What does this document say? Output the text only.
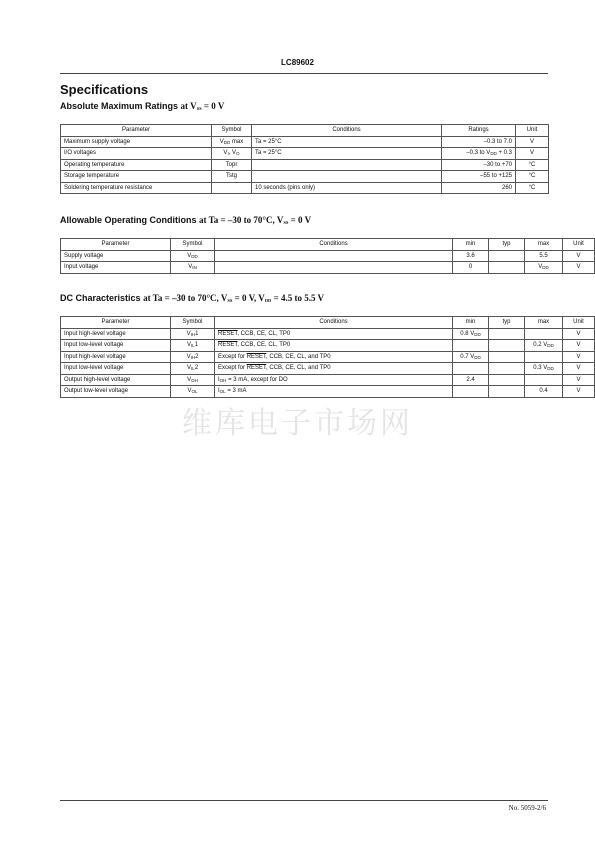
LC89602
Specifications
Absolute Maximum Ratings at $V_{SS} = 0$ V
Parameter	Symbol	Conditions	Ratings	Unit
Maximum supply voltage	$V_{DD}$ max	Ta = 25°C	–0.3 to 7.0	V
I/O voltages	$V_I$, $V_O$	Ta = 25°C	–0.3 to $V_{DD} + 0.3$	V
Operating temperature	Topr		–30 to +70	°C
Storage temperature	Tstg		–55 to +125	°C
Soldering temperature resistance		10 seconds (pins only)	260	°C
Allowable Operating Conditions at Ta = –30 to 70°C, $V_{SS} = 0$ V
Parameter	Symbol	Conditions	min	typ	max	Unit
Supply voltage	$V_{DD}$		3.6		5.5	V
Input voltage	$V_{IN}$		0		$V_{DD}$	V
DC Characteristics at Ta = –30 to 70°C, $V_{SS} = 0$ V, $V_{DD} = 4.5$ to 5.5 V
Parameter	Symbol	Conditions	min	typ	max	Unit
Input high-level voltage	$V_{IH}1$	RESET, CCB, CE, CL, TP0	0.8 $V_{DD}$			V
Input low-level voltage	$V_{IL}1$	RESET, CCB, CE, CL, TP0			0.2 $V_{DD}$	V
Input high-level voltage	$V_{IH}2$	Except for RESET, CCB, CE, CL, and TP0	0.7 $V_{DD}$			V
Input low-level voltage	$V_{IL}2$	Except for RESET, CCB, CE, CL, and TP0			0.3 $V_{DD}$	V
Output high-level voltage	$V_{OH}$	$I_{OH} = 3$ mA, except for DO	2.4			V
Output low-level voltage	$V_{OL}$	$I_{OL} = 3$ mA			0.4	V
维库电子市场网
No. 5059-2/6
